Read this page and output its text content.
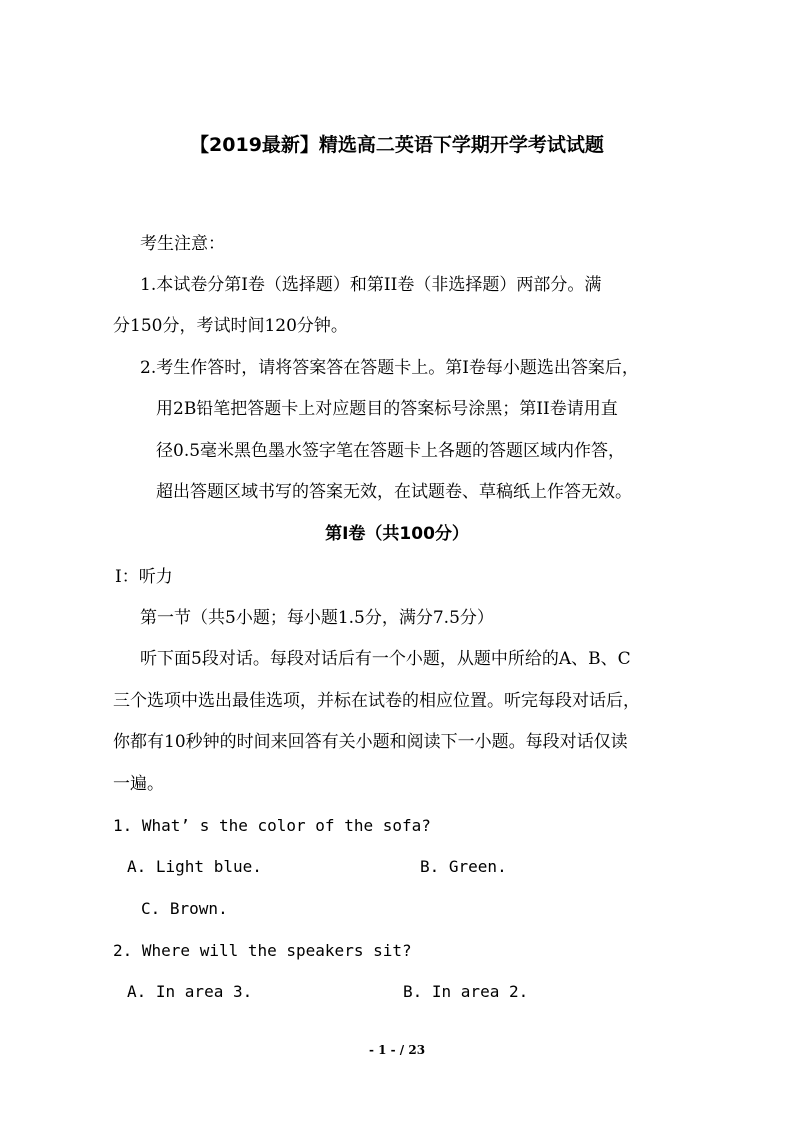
【2019最新】精选高二英语下学期开学考试试题
考生注意：
1.本试卷分第Ⅰ卷（选择题）和第II卷（非选择题）两部分。满
分150分，考试时间120分钟。
2.考生作答时，请将答案答在答题卡上。第Ⅰ卷每小题选出答案后，
用2B铅笔把答题卡上对应题目的答案标号涂黑；第II卷请用直
径0.5毫米黑色墨水签字笔在答题卡上各题的答题区域内作答，
超出答题区域书写的答案无效，在试题卷、草稿纸上作答无效。
第Ⅰ卷（共100分）
Ⅰ：听力
第一节（共5小题；每小题1.5分，满分7.5分）
听下面5段对话。每段对话后有一个小题，从题中所给的A、B、C
三个选项中选出最佳选项，并标在试卷的相应位置。听完每段对话后，
你都有10秒钟的时间来回答有关小题和阅读下一小题。每段对话仅读
一遍。
1. What’ s the color of the sofa?
A. Light blue.	B. Green.
C. Brown.
2. Where will the speakers sit?
A. In area 3.	B. In area 2.
- 1 - / 23
